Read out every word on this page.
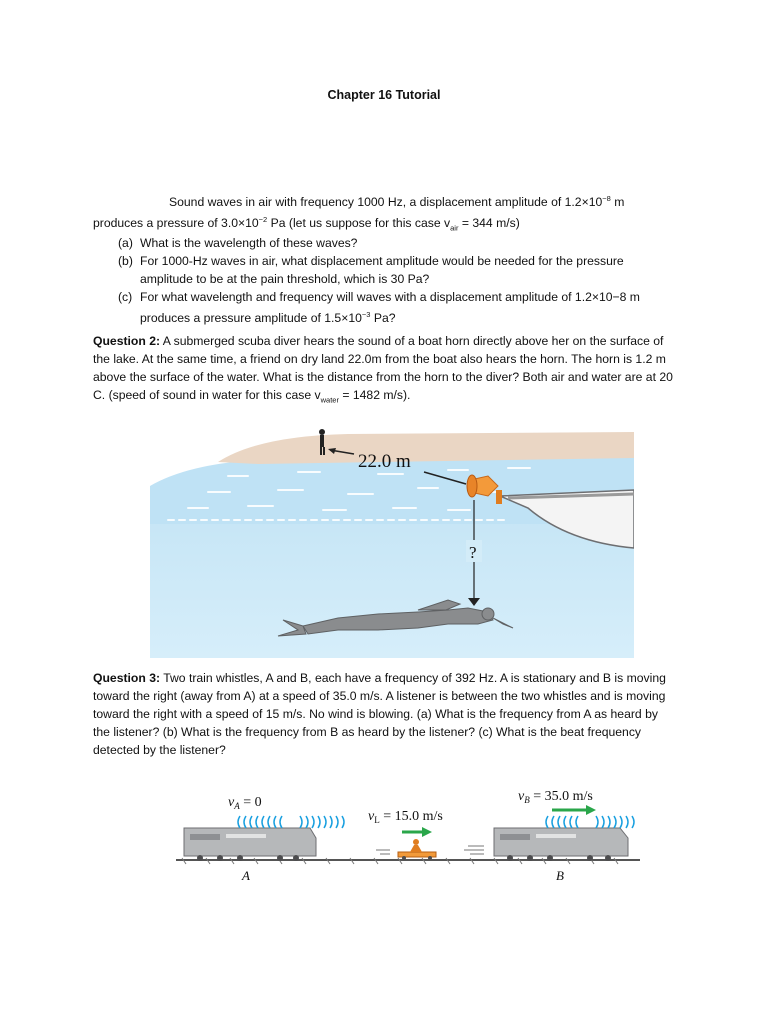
Chapter 16 Tutorial
Sound waves in air with frequency 1000 Hz, a displacement amplitude of $1.2\times 10^{-8}$ m produces a pressure of $3.0\times 10^{-2}$ Pa (let us suppose for this case $v_{air} = 344$ m/s)
(a) What is the wavelength of these waves?
(b) For 1000-Hz waves in air, what displacement amplitude would be needed for the pressure amplitude to be at the pain threshold, which is 30 Pa?
(c) For what wavelength and frequency will waves with a displacement amplitude of 1.2×10−8 m produces a pressure amplitude of $1.5\times 10^{-3}$ Pa?
Question 2: A submerged scuba diver hears the sound of a boat horn directly above her on the surface of the lake. At the same time, a friend on dry land 22.0m from the boat also hears the horn. The horn is 1.2 m above the surface of the water. What is the distance from the horn to the diver? Both air and water are at 20 C. (speed of sound in water for this case $v_{water} = 1482$ m/s).
22.0 m
?
Question 3: Two train whistles, A and B, each have a frequency of 392 Hz. A is stationary and B is moving toward the right (away from A) at a speed of 35.0 m/s. A listener is between the two whistles and is moving toward the right with a speed of 15 m/s. No wind is blowing. (a) What is the frequency from A as heard by the listener? (b) What is the frequency from B as heard by the listener? (c) What is the beat frequency detected by the listener?
$v_A = 0$
$v_L = 15.0$ m/s
$v_B = 35.0$ m/s
A	B
